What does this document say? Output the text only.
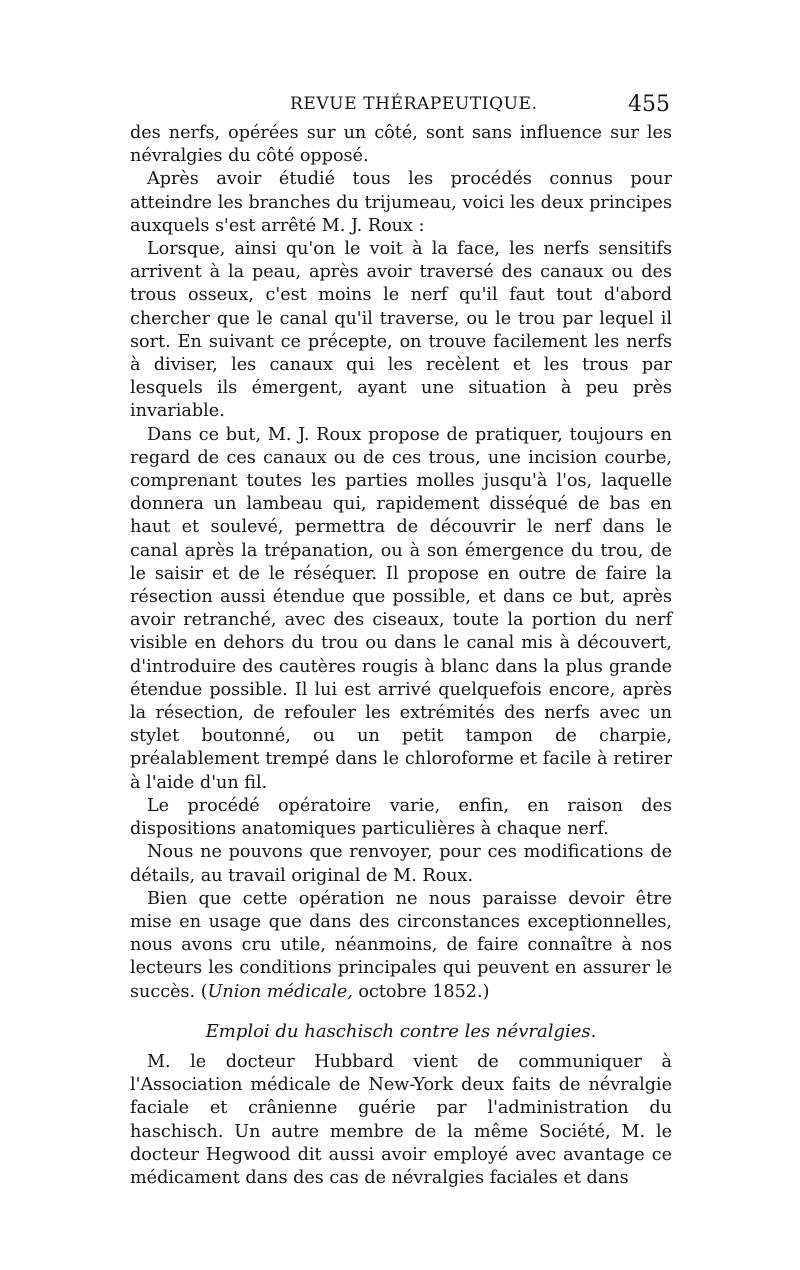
REVUE THÉRAPEUTIQUE.	455

des nerfs, opérées sur un côté, sont sans influence sur les névralgies du côté opposé.

Après avoir étudié tous les procédés connus pour atteindre les branches du trijumeau, voici les deux principes auxquels s'est arrêté M. J. Roux :

Lorsque, ainsi qu'on le voit à la face, les nerfs sensitifs arrivent à la peau, après avoir traversé des canaux ou des trous osseux, c'est moins le nerf qu'il faut tout d'abord chercher que le canal qu'il traverse, ou le trou par lequel il sort. En suivant ce précepte, on trouve facilement les nerfs à diviser, les canaux qui les recèlent et les trous par lesquels ils émergent, ayant une situation à peu près invariable.

Dans ce but, M. J. Roux propose de pratiquer, toujours en regard de ces canaux ou de ces trous, une incision courbe, comprenant toutes les parties molles jusqu'à l'os, laquelle donnera un lambeau qui, rapidement disséqué de bas en haut et soulevé, permettra de découvrir le nerf dans le canal après la trépanation, ou à son émergence du trou, de le saisir et de le réséquer. Il propose en outre de faire la résection aussi étendue que possible, et dans ce but, après avoir retranché, avec des ciseaux, toute la portion du nerf visible en dehors du trou ou dans le canal mis à découvert, d'introduire des cautères rougis à blanc dans la plus grande étendue possible. Il lui est arrivé quelquefois encore, après la résection, de refouler les extrémités des nerfs avec un stylet boutonné, ou un petit tampon de charpie, préalablement trempé dans le chloroforme et facile à retirer à l'aide d'un fil.

Le procédé opératoire varie, enfin, en raison des dispositions anatomiques particulières à chaque nerf.

Nous ne pouvons que renvoyer, pour ces modifications de détails, au travail original de M. Roux.

Bien que cette opération ne nous paraisse devoir être mise en usage que dans des circonstances exceptionnelles, nous avons cru utile, néanmoins, de faire connaître à nos lecteurs les conditions principales qui peuvent en assurer le succès. (Union médicale, octobre 1852.)

Emploi du haschisch contre les névralgies.

M. le docteur Hubbard vient de communiquer à l'Association médicale de New-York deux faits de névralgie faciale et crânienne guérie par l'administration du haschisch. Un autre membre de la même Société, M. le docteur Hegwood dit aussi avoir employé avec avantage ce médicament dans des cas de névralgies faciales et dans
